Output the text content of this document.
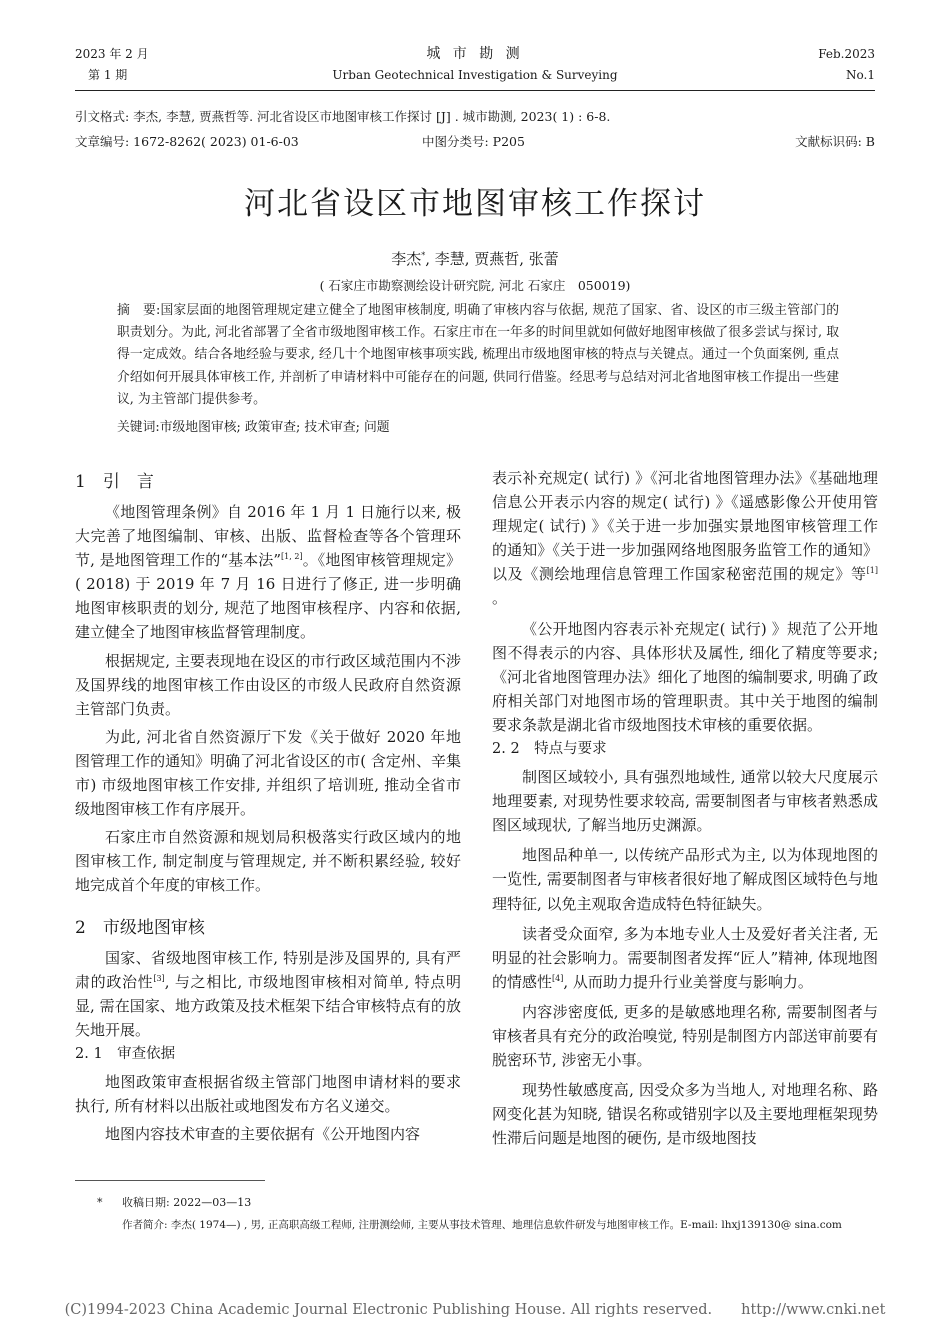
2023 年 2 月
第 1 期
城 市 勘 测
Urban Geotechnical Investigation & Surveying
Feb.2023
No.1
引文格式: 李杰, 李慧, 贾燕哲等. 河北省设区市地图审核工作探讨 [J] . 城市勘测, 2023( 1) : 6-8.
文章编号: 1672-8262( 2023) 01-6-03	中图分类号: P205	文献标识码: B
河北省设区市地图审核工作探讨
李杰*, 李慧, 贾燕哲, 张蕾
( 石家庄市勘察测绘设计研究院, 河北 石家庄　050019)
摘　要:国家层面的地图管理规定建立健全了地图审核制度, 明确了审核内容与依据, 规范了国家、省、设区的市三级主管部门的职责划分。为此, 河北省部署了全省市级地图审核工作。石家庄市在一年多的时间里就如何做好地图审核做了很多尝试与探讨, 取得一定成效。结合各地经验与要求, 经几十个地图审核事项实践, 梳理出市级地图审核的特点与关键点。通过一个负面案例, 重点介绍如何开展具体审核工作, 并剖析了申请材料中可能存在的问题, 供同行借鉴。经思考与总结对河北省地图审核工作提出一些建议, 为主管部门提供参考。
关键词:市级地图审核; 政策审查; 技术审查; 问题
1　引　言

《地图管理条例》自 2016 年 1 月 1 日施行以来, 极大完善了地图编制、审核、出版、监督检查等各个管理环节, 是地图管理工作的“基本法”[1, 2]。《地图审核管理规定》( 2018) 于 2019 年 7 月 16 日进行了修正, 进一步明确地图审核职责的划分, 规范了地图审核程序、内容和依据, 建立健全了地图审核监督管理制度。

根据规定, 主要表现地在设区的市行政区域范围内不涉及国界线的地图审核工作由设区的市级人民政府自然资源主管部门负责。

为此, 河北省自然资源厅下发《关于做好 2020 年地图管理工作的通知》明确了河北省设区的市( 含定州、辛集市) 市级地图审核工作安排, 并组织了培训班, 推动全省市级地图审核工作有序展开。

石家庄市自然资源和规划局积极落实行政区域内的地图审核工作, 制定制度与管理规定, 并不断积累经验, 较好地完成首个年度的审核工作。

2　市级地图审核

国家、省级地图审核工作, 特别是涉及国界的, 具有严肃的政治性[3], 与之相比, 市级地图审核相对简单, 特点明显, 需在国家、地方政策及技术框架下结合审核特点有的放矢地开展。

2. 1　审查依据

地图政策审查根据省级主管部门地图申请材料的要求执行, 所有材料以出版社或地图发布方名义递交。

地图内容技术审查的主要依据有《公开地图内容

表示补充规定( 试行) 》《河北省地图管理办法》《基础地理信息公开表示内容的规定( 试行) 》《遥感影像公开使用管理规定( 试行) 》《关于进一步加强实景地图审核管理工作的通知》《关于进一步加强网络地图服务监管工作的通知》以及《测绘地理信息管理工作国家秘密范围的规定》等[1] 。

《公开地图内容表示补充规定( 试行) 》规范了公开地图不得表示的内容、具体形状及属性, 细化了精度等要求; 《河北省地图管理办法》细化了地图的编制要求, 明确了政府相关部门对地图市场的管理职责。其中关于地图的编制要求条款是湖北省市级地图技术审核的重要依据。

2. 2　特点与要求

制图区域较小, 具有强烈地域性, 通常以较大尺度展示地理要素, 对现势性要求较高, 需要制图者与审核者熟悉成图区域现状, 了解当地历史渊源。

地图品种单一, 以传统产品形式为主, 以为体现地图的一览性, 需要制图者与审核者很好地了解成图区域特色与地理特征, 以免主观取舍造成特色特征缺失。

读者受众面窄, 多为本地专业人士及爱好者关注者, 无明显的社会影响力。需要制图者发挥“匠人”精神, 体现地图的情感性[4], 从而助力提升行业美誉度与影响力。

内容涉密度低, 更多的是敏感地理名称, 需要制图者与审核者具有充分的政治嗅觉, 特别是制图方内部送审前要有脱密环节, 涉密无小事。

现势性敏感度高, 因受众多为当地人, 对地理名称、路网变化甚为知晓, 错误名称或错别字以及主要地理框架现势性滞后问题是地图的硬伤, 是市级地图技

* 收稿日期: 2022—03—13
作者简介: 李杰( 1974—) , 男, 正高职高级工程师, 注册测绘师, 主要从事技术管理、地理信息软件研发与地图审核工作。E-mail: lhxj139130@ sina.com
(C)1994-2023 China Academic Journal Electronic Publishing House. All rights reserved.　　http://www.cnki.net
